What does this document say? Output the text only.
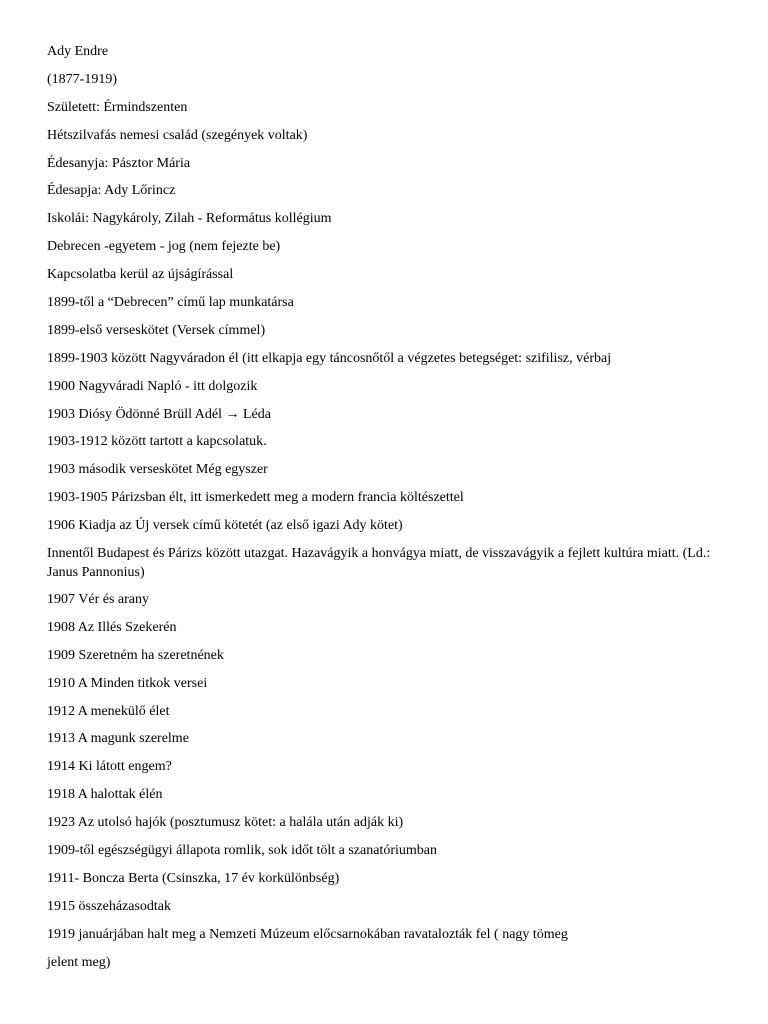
Ady Endre
(1877-1919)
Született: Érmindszenten
Hétszilvafás nemesi család (szegények voltak)
Édesanyja: Pásztor Mária
Édesapja: Ady Lőrincz
Iskolái: Nagykároly, Zilah - Református kollégium
Debrecen -egyetem - jog (nem fejezte be)
Kapcsolatba kerül az újságírással
1899-től a “Debrecen” című lap munkatársa
1899-első verseskötet (Versek címmel)
1899-1903 között Nagyváradon él (itt elkapja egy táncosnőtől a végzetes betegséget: szifilisz, vérbaj
1900 Nagyváradi Napló - itt dolgozik
1903 Diósy Ödönné Brüll Adél → Léda
1903-1912 között tartott a kapcsolatuk.
1903 második verseskötet Még egyszer
1903-1905 Párizsban élt, itt ismerkedett meg a modern francia költészettel
1906 Kiadja az Új versek című kötetét (az első igazi Ady kötet)
Innentől Budapest és Párizs között utazgat. Hazavágyik a honvágya miatt, de visszavágyik a fejlett kultúra miatt. (Ld.: Janus Pannonius)
1907 Vér és arany
1908 Az Illés Szekerén
1909 Szeretném ha szeretnének
1910 A Minden titkok versei
1912 A menekülő élet
1913 A magunk szerelme
1914 Ki látott engem?
1918 A halottak élén
1923 Az utolsó hajók (posztumusz kötet: a halála után adják ki)
1909-től egészségügyi állapota romlik, sok időt tölt a szanatóriumban
1911- Boncza Berta (Csinszka, 17 év korkülönbség)
1915 összeházasodtak
1919 januárjában halt meg a Nemzeti Múzeum előcsarnokában ravatalozták fel ( nagy tömeg
jelent meg)
